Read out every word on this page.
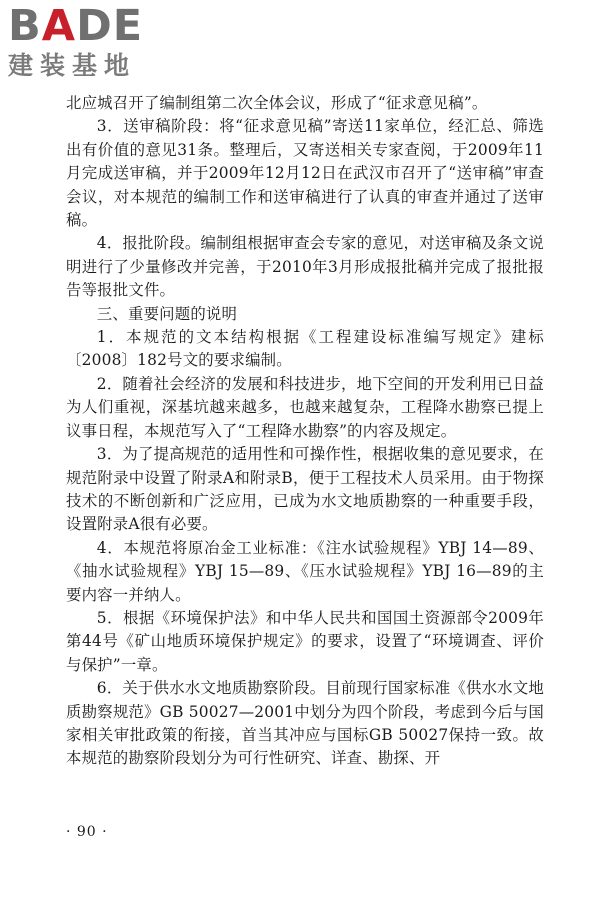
BADE
建装基地

北应城召开了编制组第二次全体会议，形成了“征求意见稿”。

3．送审稿阶段：将“征求意见稿”寄送11家单位，经汇总、筛选出有价值的意见31条。整理后，又寄送相关专家查阅，于2009年11月完成送审稿，并于2009年12月12日在武汉市召开了“送审稿”审查会议，对本规范的编制工作和送审稿进行了认真的审查并通过了送审稿。

4．报批阶段。编制组根据审查会专家的意见，对送审稿及条文说明进行了少量修改并完善，于2010年3月形成报批稿并完成了报批报告等报批文件。

三、重要问题的说明

1．本规范的文本结构根据《工程建设标准编写规定》建标〔2008〕182号文的要求编制。

2．随着社会经济的发展和科技进步，地下空间的开发利用已日益为人们重视，深基坑越来越多，也越来越复杂，工程降水勘察已提上议事日程，本规范写入了“工程降水勘察”的内容及规定。

3．为了提高规范的适用性和可操作性，根据收集的意见要求，在规范附录中设置了附录A和附录B，便于工程技术人员采用。由于物探技术的不断创新和广泛应用，已成为水文地质勘察的一种重要手段，设置附录A很有必要。

4．本规范将原冶金工业标准：《注水试验规程》YBJ 14—89、《抽水试验规程》YBJ 15—89、《压水试验规程》YBJ 16—89的主要内容一并纳人。

5．根据《环境保护法》和中华人民共和国国土资源部令2009年第44号《矿山地质环境保护规定》的要求，设置了“环境调查、评价与保护”一章。

6．关于供水水文地质勘察阶段。目前现行国家标准《供水水文地质勘察规范》GB 50027—2001中划分为四个阶段，考虑到今后与国家相关审批政策的衔接，首当其冲应与国标GB 50027保持一致。故本规范的勘察阶段划分为可行性研究、详查、勘探、开

· 90 ·
